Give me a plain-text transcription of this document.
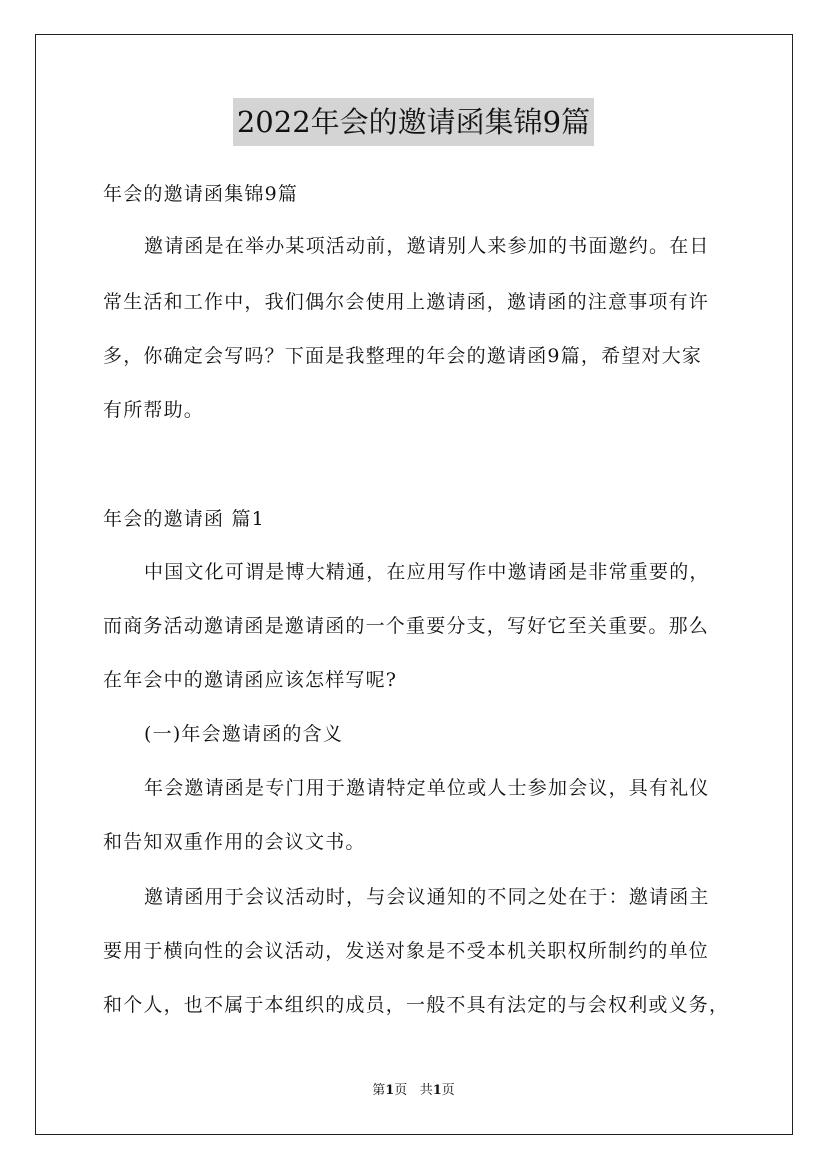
2022年会的邀请函集锦9篇
年会的邀请函集锦9篇
邀请函是在举办某项活动前，邀请别人来参加的书面邀约。在日
常生活和工作中，我们偶尔会使用上邀请函，邀请函的注意事项有许
多，你确定会写吗？下面是我整理的年会的邀请函9篇，希望对大家
有所帮助。
年会的邀请函 篇1
中国文化可谓是博大精通，在应用写作中邀请函是非常重要的，
而商务活动邀请函是邀请函的一个重要分支，写好它至关重要。那么
在年会中的邀请函应该怎样写呢?
(一)年会邀请函的含义
年会邀请函是专门用于邀请特定单位或人士参加会议，具有礼仪
和告知双重作用的会议文书。
邀请函用于会议活动时，与会议通知的不同之处在于：邀请函主
要用于横向性的会议活动，发送对象是不受本机关职权所制约的单位
和个人，也不属于本组织的成员，一般不具有法定的与会权利或义务，
第1页 共1页
